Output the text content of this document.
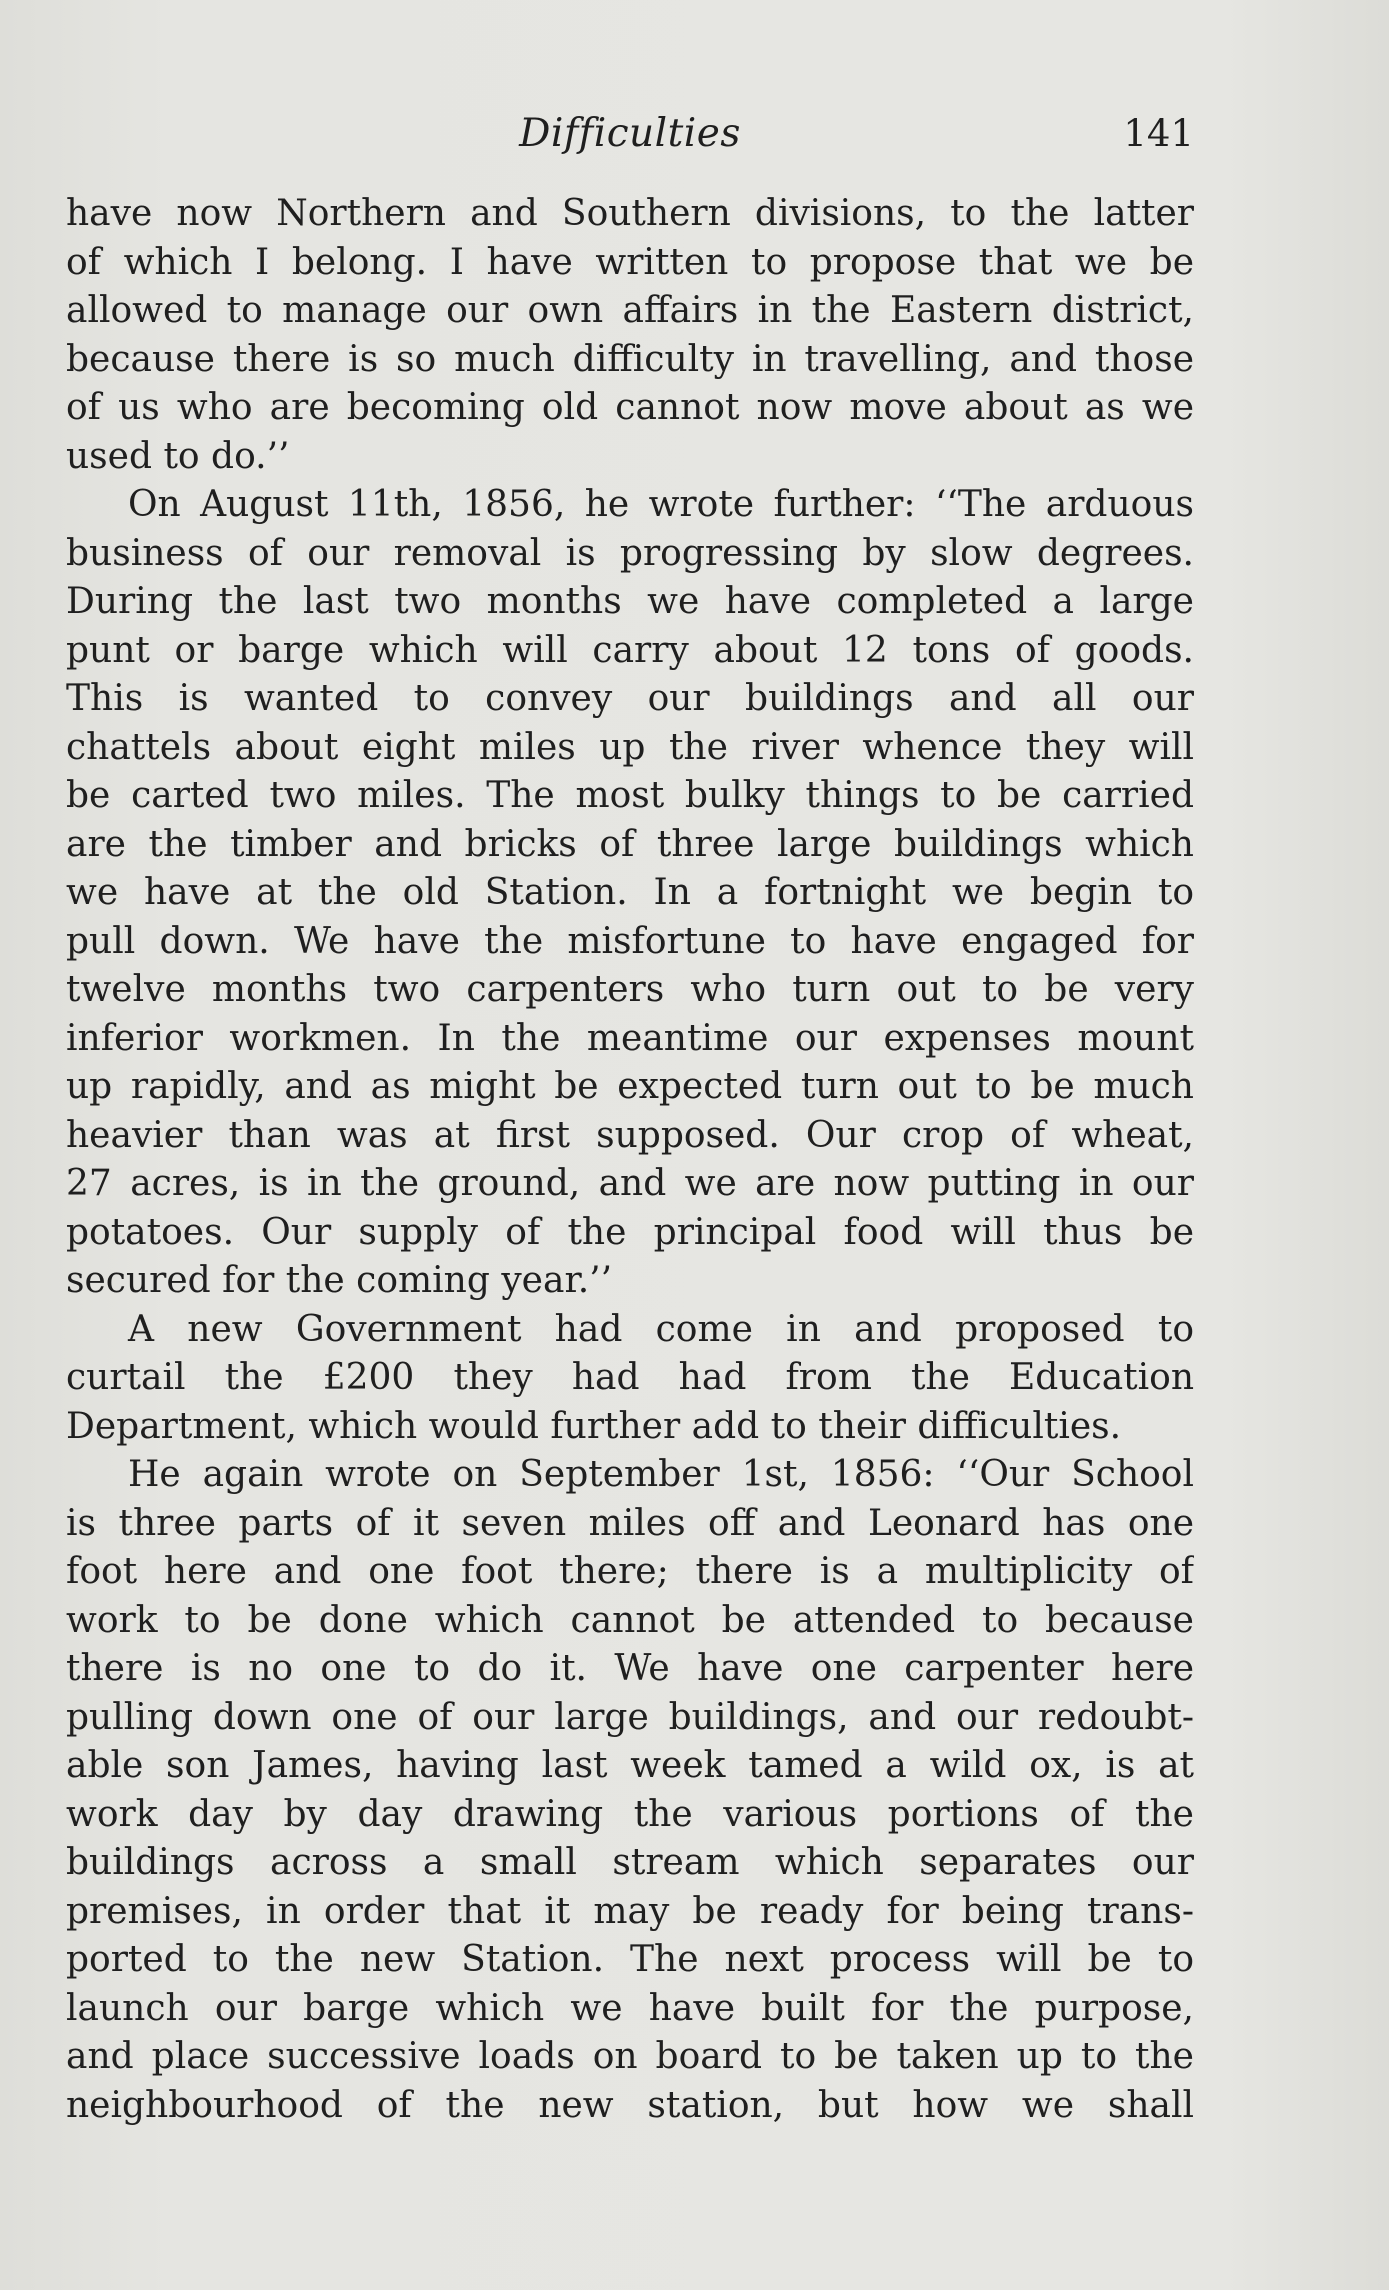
Difficulties	141
have now Northern and Southern divisions, to the latter
of which I belong. I have written to propose that we be
allowed to manage our own affairs in the Eastern district,
because there is so much difficulty in travelling, and those
of us who are becoming old cannot now move about as we
used to do.’’
On August 11th, 1856, he wrote further: ‘‘The arduous
business of our removal is progressing by slow degrees.
During the last two months we have completed a large
punt or barge which will carry about 12 tons of goods.
This is wanted to convey our buildings and all our
chattels about eight miles up the river whence they will
be carted two miles. The most bulky things to be carried
are the timber and bricks of three large buildings which
we have at the old Station. In a fortnight we begin to
pull down. We have the misfortune to have engaged for
twelve months two carpenters who turn out to be very
inferior workmen. In the meantime our expenses mount
up rapidly, and as might be expected turn out to be much
heavier than was at first supposed. Our crop of wheat,
27 acres, is in the ground, and we are now putting in our
potatoes. Our supply of the principal food will thus be
secured for the coming year.’’
A new Government had come in and proposed to
curtail the £200 they had had from the Education
Department, which would further add to their difficulties.
He again wrote on September 1st, 1856: ‘‘Our School
is three parts of it seven miles off and Leonard has one
foot here and one foot there; there is a multiplicity of
work to be done which cannot be attended to because
there is no one to do it. We have one carpenter here
pulling down one of our large buildings, and our redoubt-
able son James, having last week tamed a wild ox, is at
work day by day drawing the various portions of the
buildings across a small stream which separates our
premises, in order that it may be ready for being trans-
ported to the new Station. The next process will be to
launch our barge which we have built for the purpose,
and place successive loads on board to be taken up to the
neighbourhood of the new station, but how we shall
